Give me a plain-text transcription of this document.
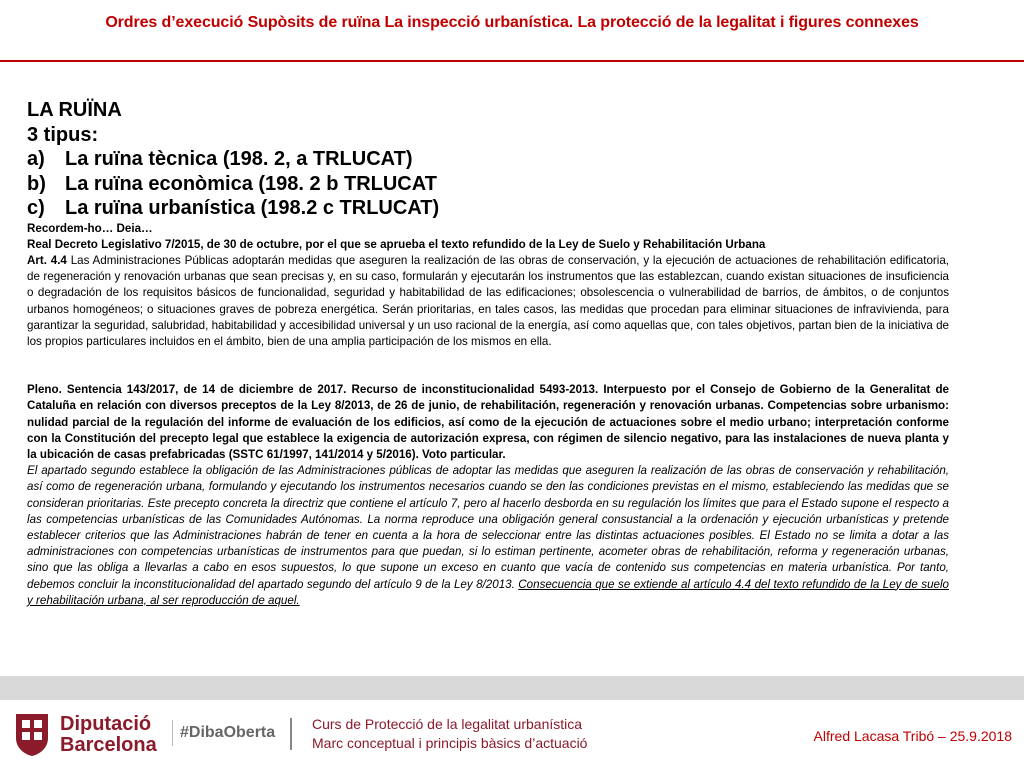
Ordres d’execució Supòsits de ruïna La inspecció urbanística. La protecció de la legalitat i figures connexes

LA RUÏNA

3 tipus:

a)	La ruïna tècnica (198. 2, a TRLUCAT)
b) La ruïna econòmica (198. 2 b TRLUCAT
c)	La ruïna urbanística (198.2 c TRLUCAT)

Recordem-ho… Deia…

Real Decreto Legislativo 7/2015, de 30 de octubre, por el que se aprueba el texto refundido de la Ley de Suelo y Rehabilitación Urbana

Art. 4.4 Las Administraciones Públicas adoptarán medidas que aseguren la realización de las obras de conservación, y la ejecución de actuaciones de rehabilitación edificatoria, de regeneración y renovación urbanas que sean precisas y, en su caso, formularán y ejecutarán los instrumentos que las establezcan, cuando existan situaciones de insuficiencia o degradación de los requisitos básicos de funcionalidad, seguridad y habitabilidad de las edificaciones; obsolescencia o vulnerabilidad de barrios, de ámbitos, o de conjuntos urbanos homogéneos; o situaciones graves de pobreza energética. Serán prioritarias, en tales casos, las medidas que procedan para eliminar situaciones de infravivienda, para garantizar la seguridad, salubridad, habitabilidad y accesibilidad universal y un uso racional de la energía, así como aquellas que, con tales objetivos, partan bien de la iniciativa de los propios particulares incluidos en el ámbito, bien de una amplia participación de los mismos en ella.

Pleno. Sentencia 143/2017, de 14 de diciembre de 2017. Recurso de inconstitucionalidad 5493-2013. Interpuesto por el Consejo de Gobierno de la Generalitat de Cataluña en relación con diversos preceptos de la Ley 8/2013, de 26 de junio, de rehabilitación, regeneración y renovación urbanas. Competencias sobre urbanismo: nulidad parcial de la regulación del informe de evaluación de los edificios, así como de la ejecución de actuaciones sobre el medio urbano; interpretación conforme con la Constitución del precepto legal que establece la exigencia de autorización expresa, con régimen de silencio negativo, para las instalaciones de nueva planta y la ubicación de casas prefabricadas (SSTC 61/1997, 141/2014 y 5/2016). Voto particular.

El apartado segundo establece la obligación de las Administraciones públicas de adoptar las medidas que aseguren la realización de las obras de conservación y rehabilitación, así como de regeneración urbana, formulando y ejecutando los instrumentos necesarios cuando se den las condiciones previstas en el mismo, estableciendo las medidas que se consideran prioritarias. Este precepto concreta la directriz que contiene el artículo 7, pero al hacerlo desborda en su regulación los límites que para el Estado supone el respecto a las competencias urbanísticas de las Comunidades Autónomas. La norma reproduce una obligación general consustancial a la ordenación y ejecución urbanísticas y pretende establecer criterios que las Administraciones habrán de tener en cuenta a la hora de seleccionar entre las distintas actuaciones posibles. El Estado no se limita a dotar a las administraciones con competencias urbanísticas de instrumentos para que puedan, si lo estiman pertinente, acometer obras de rehabilitación, reforma y regeneración urbanas, sino que las obliga a llevarlas a cabo en esos supuestos, lo que supone un exceso en cuanto que vacía de contenido sus competencias en materia urbanística. Por tanto, debemos concluir la inconstitucionalidad del apartado segundo del artículo 9 de la Ley 8/2013. Consecuencia que se extiende al artículo 4.4 del texto refundido de la Ley de suelo y rehabilitación urbana, al ser reproducción de aquel.

Diputació
Barcelona
#DibaOberta	Curs de Protecció de la legalitat urbanística
Marc conceptual i principis bàsics d’actuació	Alfred Lacasa Tribó – 25.9.2018
